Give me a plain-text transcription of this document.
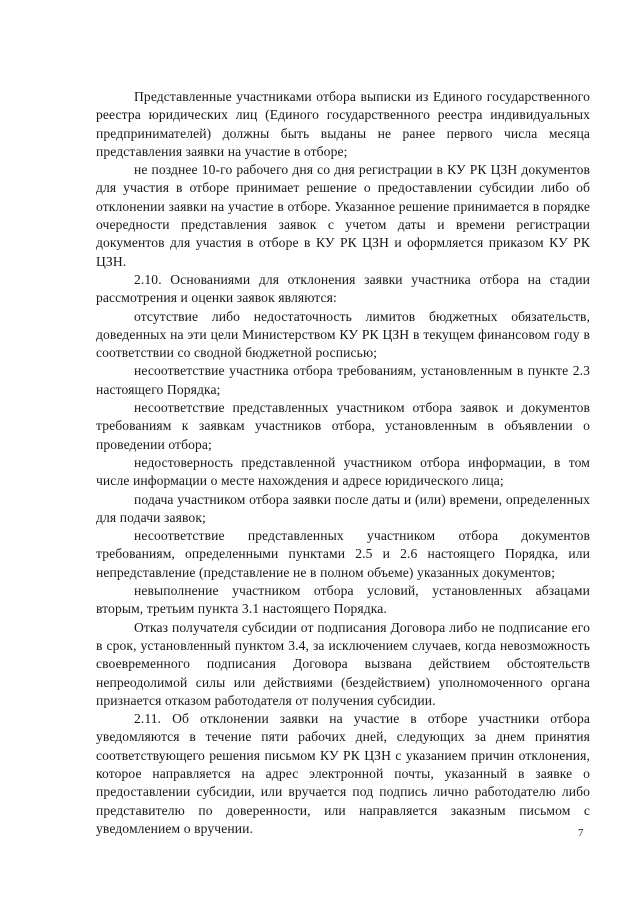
Представленные участниками отбора выписки из Единого государственного реестра юридических лиц (Единого государственного реестра индивидуальных предпринимателей) должны быть выданы не ранее первого числа месяца представления заявки на участие в отборе;

не позднее 10-го рабочего дня со дня регистрации в КУ РК ЦЗН документов для участия в отборе принимает решение о предоставлении субсидии либо об отклонении заявки на участие в отборе. Указанное решение принимается в порядке очередности представления заявок с учетом даты и времени регистрации документов для участия в отборе в КУ РК ЦЗН и оформляется приказом КУ РК ЦЗН.

2.10. Основаниями для отклонения заявки участника отбора на стадии рассмотрения и оценки заявок являются:

отсутствие либо недостаточность лимитов бюджетных обязательств, доведенных на эти цели Министерством КУ РК ЦЗН в текущем финансовом году в соответствии со сводной бюджетной росписью;

несоответствие участника отбора требованиям, установленным в пункте 2.3 настоящего Порядка;

несоответствие представленных участником отбора заявок и документов требованиям к заявкам участников отбора, установленным в объявлении о проведении отбора;

недостоверность представленной участником отбора информации, в том числе информации о месте нахождения и адресе юридического лица;

подача участником отбора заявки после даты и (или) времени, определенных для подачи заявок;

несоответствие представленных участником отбора документов требованиям, определенными пунктами 2.5 и 2.6 настоящего Порядка, или непредставление (представление не в полном объеме) указанных документов;

невыполнение участником отбора условий, установленных абзацами вторым, третьим пункта 3.1 настоящего Порядка.

Отказ получателя субсидии от подписания Договора либо не подписание его в срок, установленный пунктом 3.4, за исключением случаев, когда невозможность своевременного подписания Договора вызвана действием обстоятельств непреодолимой силы или действиями (бездействием) уполномоченного органа признается отказом работодателя от получения субсидии.

2.11. Об отклонении заявки на участие в отборе участники отбора уведомляются в течение пяти рабочих дней, следующих за днем принятия соответствующего решения письмом КУ РК ЦЗН с указанием причин отклонения, которое направляется на адрес электронной почты, указанный в заявке о предоставлении субсидии, или вручается под подпись лично работодателю либо представителю по доверенности, или направляется заказным письмом с уведомлением о вручении.	7
